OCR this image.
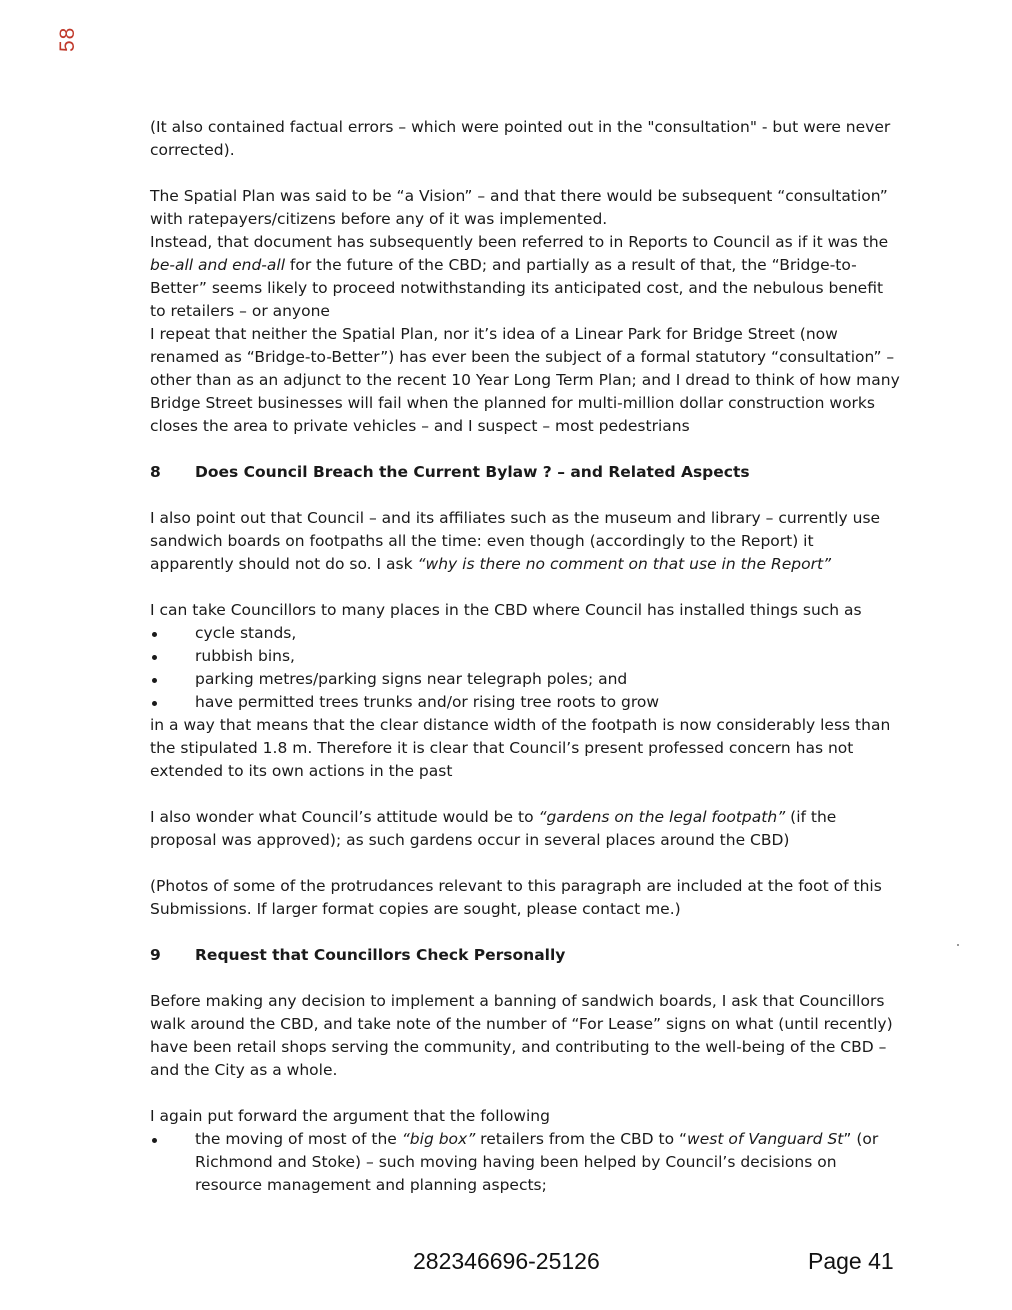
58

(It also contained factual errors – which were pointed out in the "consultation" - but were never corrected).

The Spatial Plan was said to be “a Vision” – and that there would be subsequent “consultation” with ratepayers/citizens before any of it was implemented.

Instead, that document has subsequently been referred to in Reports to Council as if it was the be-all and end-all for the future of the CBD; and partially as a result of that, the “Bridge-to-Better” seems likely to proceed notwithstanding its anticipated cost, and the nebulous benefit to retailers – or anyone

I repeat that neither the Spatial Plan, nor it’s idea of a Linear Park for Bridge Street (now renamed as “Bridge-to-Better”) has ever been the subject of a formal statutory “consultation” – other than as an adjunct to the recent 10 Year Long Term Plan; and I dread to think of how many Bridge Street businesses will fail when the planned for multi-million dollar construction works closes the area to private vehicles – and I suspect – most pedestrians

8	Does Council Breach the Current Bylaw ? – and Related Aspects

I also point out that Council – and its affiliates such as the museum and library – currently use sandwich boards on footpaths all the time: even though (accordingly to the Report) it apparently should not do so. I ask “why is there no comment on that use in the Report”

I can take Councillors to many places in the CBD where Council has installed things such as

cycle stands,
rubbish bins,
parking metres/parking signs near telegraph poles; and
have permitted trees trunks and/or rising tree roots to grow

in a way that means that the clear distance width of the footpath is now considerably less than the stipulated 1.8 m. Therefore it is clear that Council’s present professed concern has not extended to its own actions in the past

I also wonder what Council’s attitude would be to “gardens on the legal footpath” (if the proposal was approved); as such gardens occur in several places around the CBD)

(Photos of some of the protrudances relevant to this paragraph are included at the foot of this Submissions. If larger format copies are sought, please contact me.)

9	Request that Councillors Check Personally

Before making any decision to implement a banning of sandwich boards, I ask that Councillors walk around the CBD, and take note of the number of “For Lease” signs on what (until recently) have been retail shops serving the community, and contributing to the well-being of the CBD – and the City as a whole.

I again put forward the argument that the following

the moving of most of the “big box” retailers from the CBD to “west of Vanguard St” (or Richmond and Stoke) – such moving having been helped by Council’s decisions on resource management and planning aspects;
282346696-25126	Page 41
